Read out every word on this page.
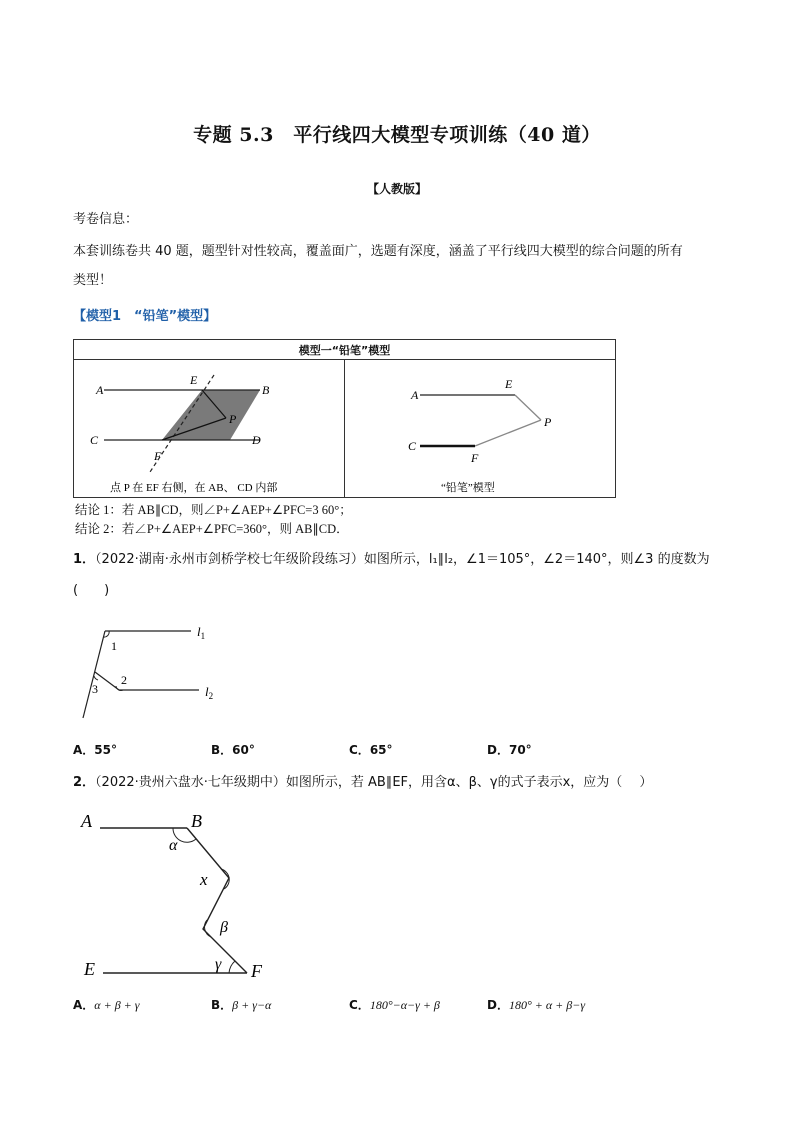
专题 5.3　平行线四大模型专项训练（40 道）
【人教版】
考卷信息：
本套训练卷共 40 题，题型针对性较高，覆盖面广，选题有深度，涵盖了平行线四大模型的综合问题的所有
类型！
【模型1　“铅笔”模型】
模型一“铅笔”模型

A	B
C	D
E
F
P
点 P 在 EF 右侧，在 AB、 CD 内部

A
E
P
C
F
“铅笔”模型
结论 1：若 AB∥CD，则∠P+∠AEP+∠PFC=3 60°；
结论 2：若∠P+∠AEP+∠PFC=360°，则 AB∥CD．
1．（2022·湖南·永州市剑桥学校七年级阶段练习）如图所示，l₁∥l₂，∠1＝105°，∠2＝140°，则∠3 的度数为
(　　)
1
2
3
$l_1$
$l_2$
A．55°	B．60°	C．65°	D．70°
2．（2022·贵州六盘水·七年级期中）如图所示，若 AB∥EF，用含α、β、γ的式子表示x，应为（　 ）
A	B
E	F
α
x
β
γ
A．α + β + γ	B．β + γ−α	C．180°−α−γ + β	D．180° + α + β−γ
